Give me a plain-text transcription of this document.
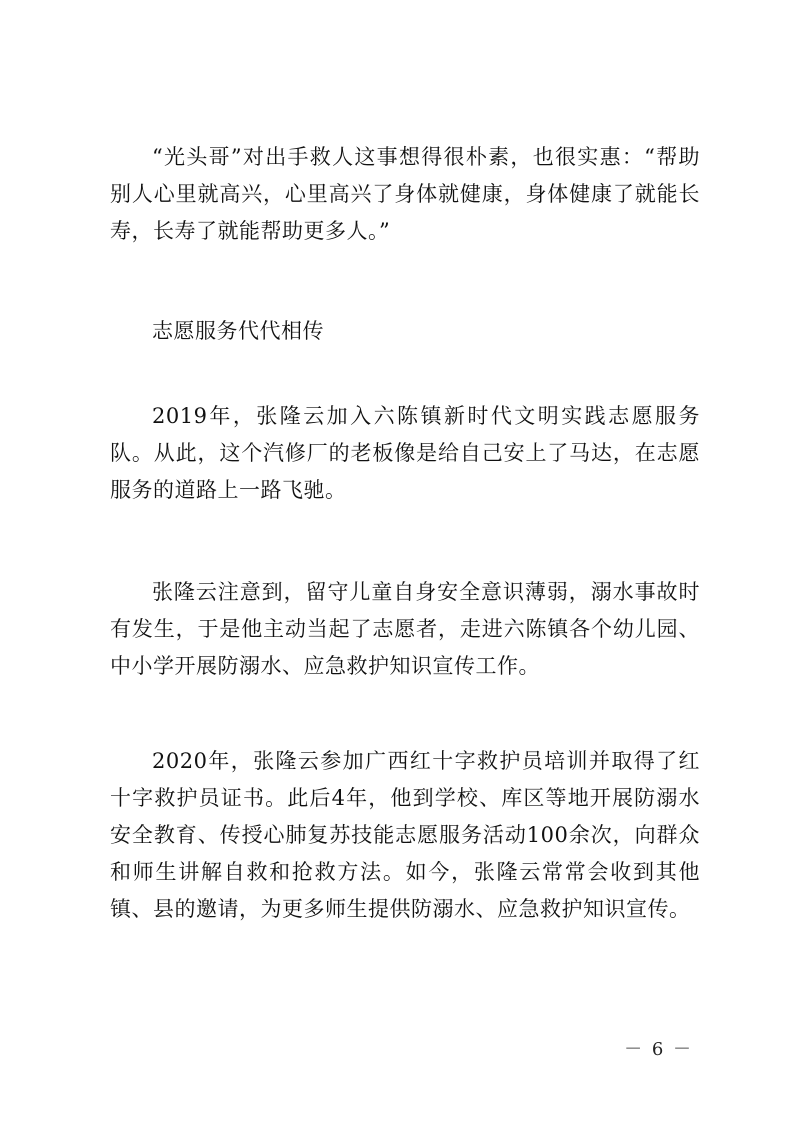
“光头哥”对出手救人这事想得很朴素，也很实惠：“帮助别人心里就高兴，心里高兴了身体就健康，身体健康了就能长寿，长寿了就能帮助更多人。”

志愿服务代代相传

2019年，张隆云加入六陈镇新时代文明实践志愿服务队。从此，这个汽修厂的老板像是给自己安上了马达，在志愿服务的道路上一路飞驰。

张隆云注意到，留守儿童自身安全意识薄弱，溺水事故时有发生，于是他主动当起了志愿者，走进六陈镇各个幼儿园、中小学开展防溺水、应急救护知识宣传工作。

2020年，张隆云参加广西红十字救护员培训并取得了红十字救护员证书。此后4年，他到学校、库区等地开展防溺水安全教育、传授心肺复苏技能志愿服务活动100余次，向群众和师生讲解自救和抢救方法。如今，张隆云常常会收到其他镇、县的邀请，为更多师生提供防溺水、应急救护知识宣传。

－ 6 －
